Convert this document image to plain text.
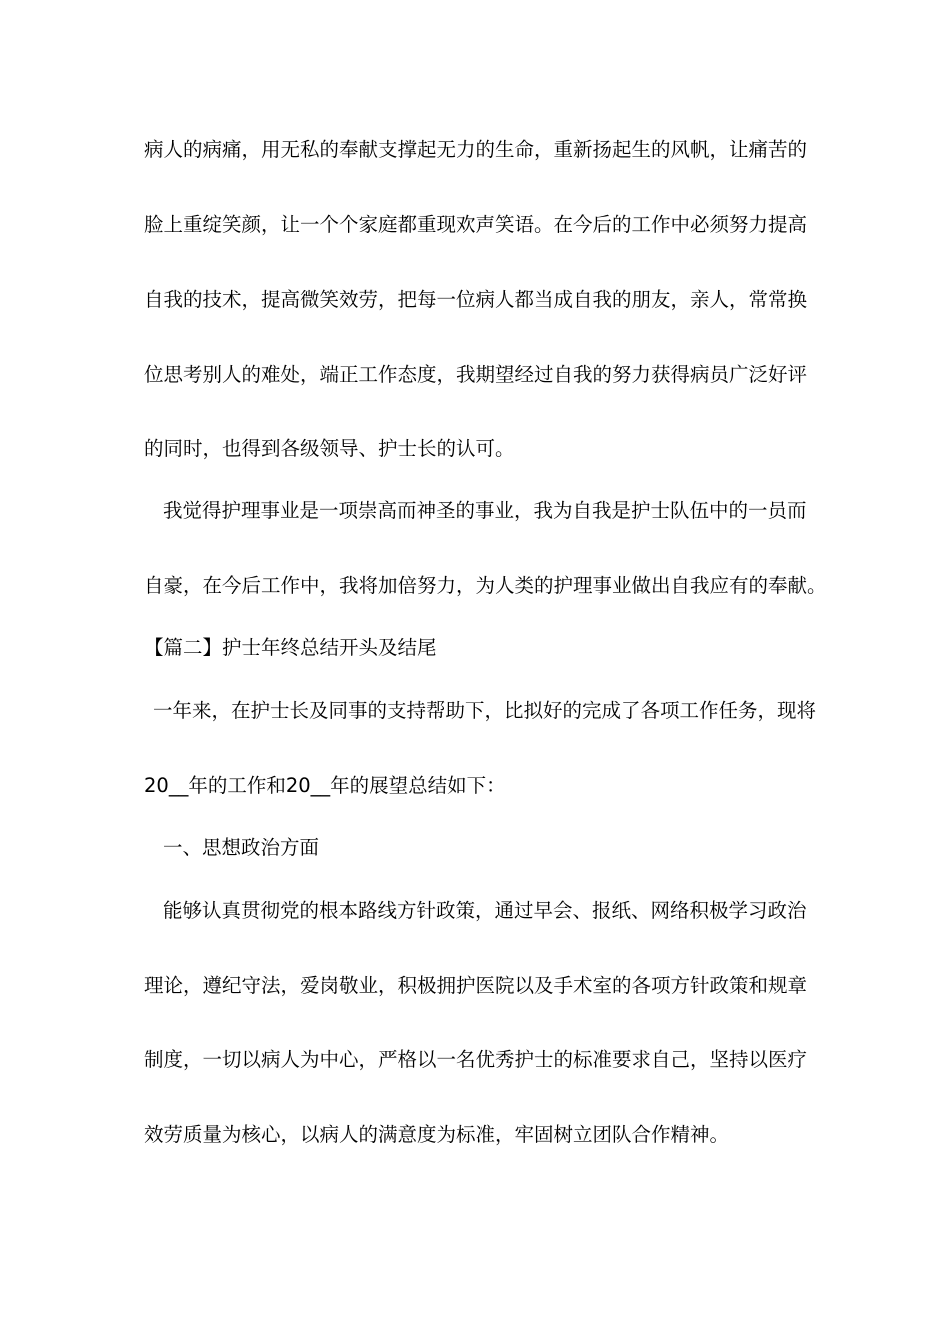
病人的病痛，用无私的奉献支撑起无力的生命，重新扬起生的风帆，让痛苦的
脸上重绽笑颜，让一个个家庭都重现欢声笑语。在今后的工作中必须努力提高
自我的技术，提高微笑效劳，把每一位病人都当成自我的朋友，亲人，常常换
位思考别人的难处，端正工作态度，我期望经过自我的努力获得病员广泛好评
的同时，也得到各级领导、护士长的认可。
我觉得护理事业是一项崇高而神圣的事业，我为自我是护士队伍中的一员而
自豪，在今后工作中，我将加倍努力，为人类的护理事业做出自我应有的奉献。
【篇二】护士年终总结开头及结尾
一年来，在护士长及同事的支持帮助下，比拟好的完成了各项工作任务，现将
20__年的工作和20__年的展望总结如下：
一、思想政治方面
能够认真贯彻党的根本路线方针政策，通过早会、报纸、网络积极学习政治
理论，遵纪守法，爱岗敬业，积极拥护医院以及手术室的各项方针政策和规章
制度，一切以病人为中心，严格以一名优秀护士的标准要求自己，坚持以医疗
效劳质量为核心，以病人的满意度为标准，牢固树立团队合作精神。
